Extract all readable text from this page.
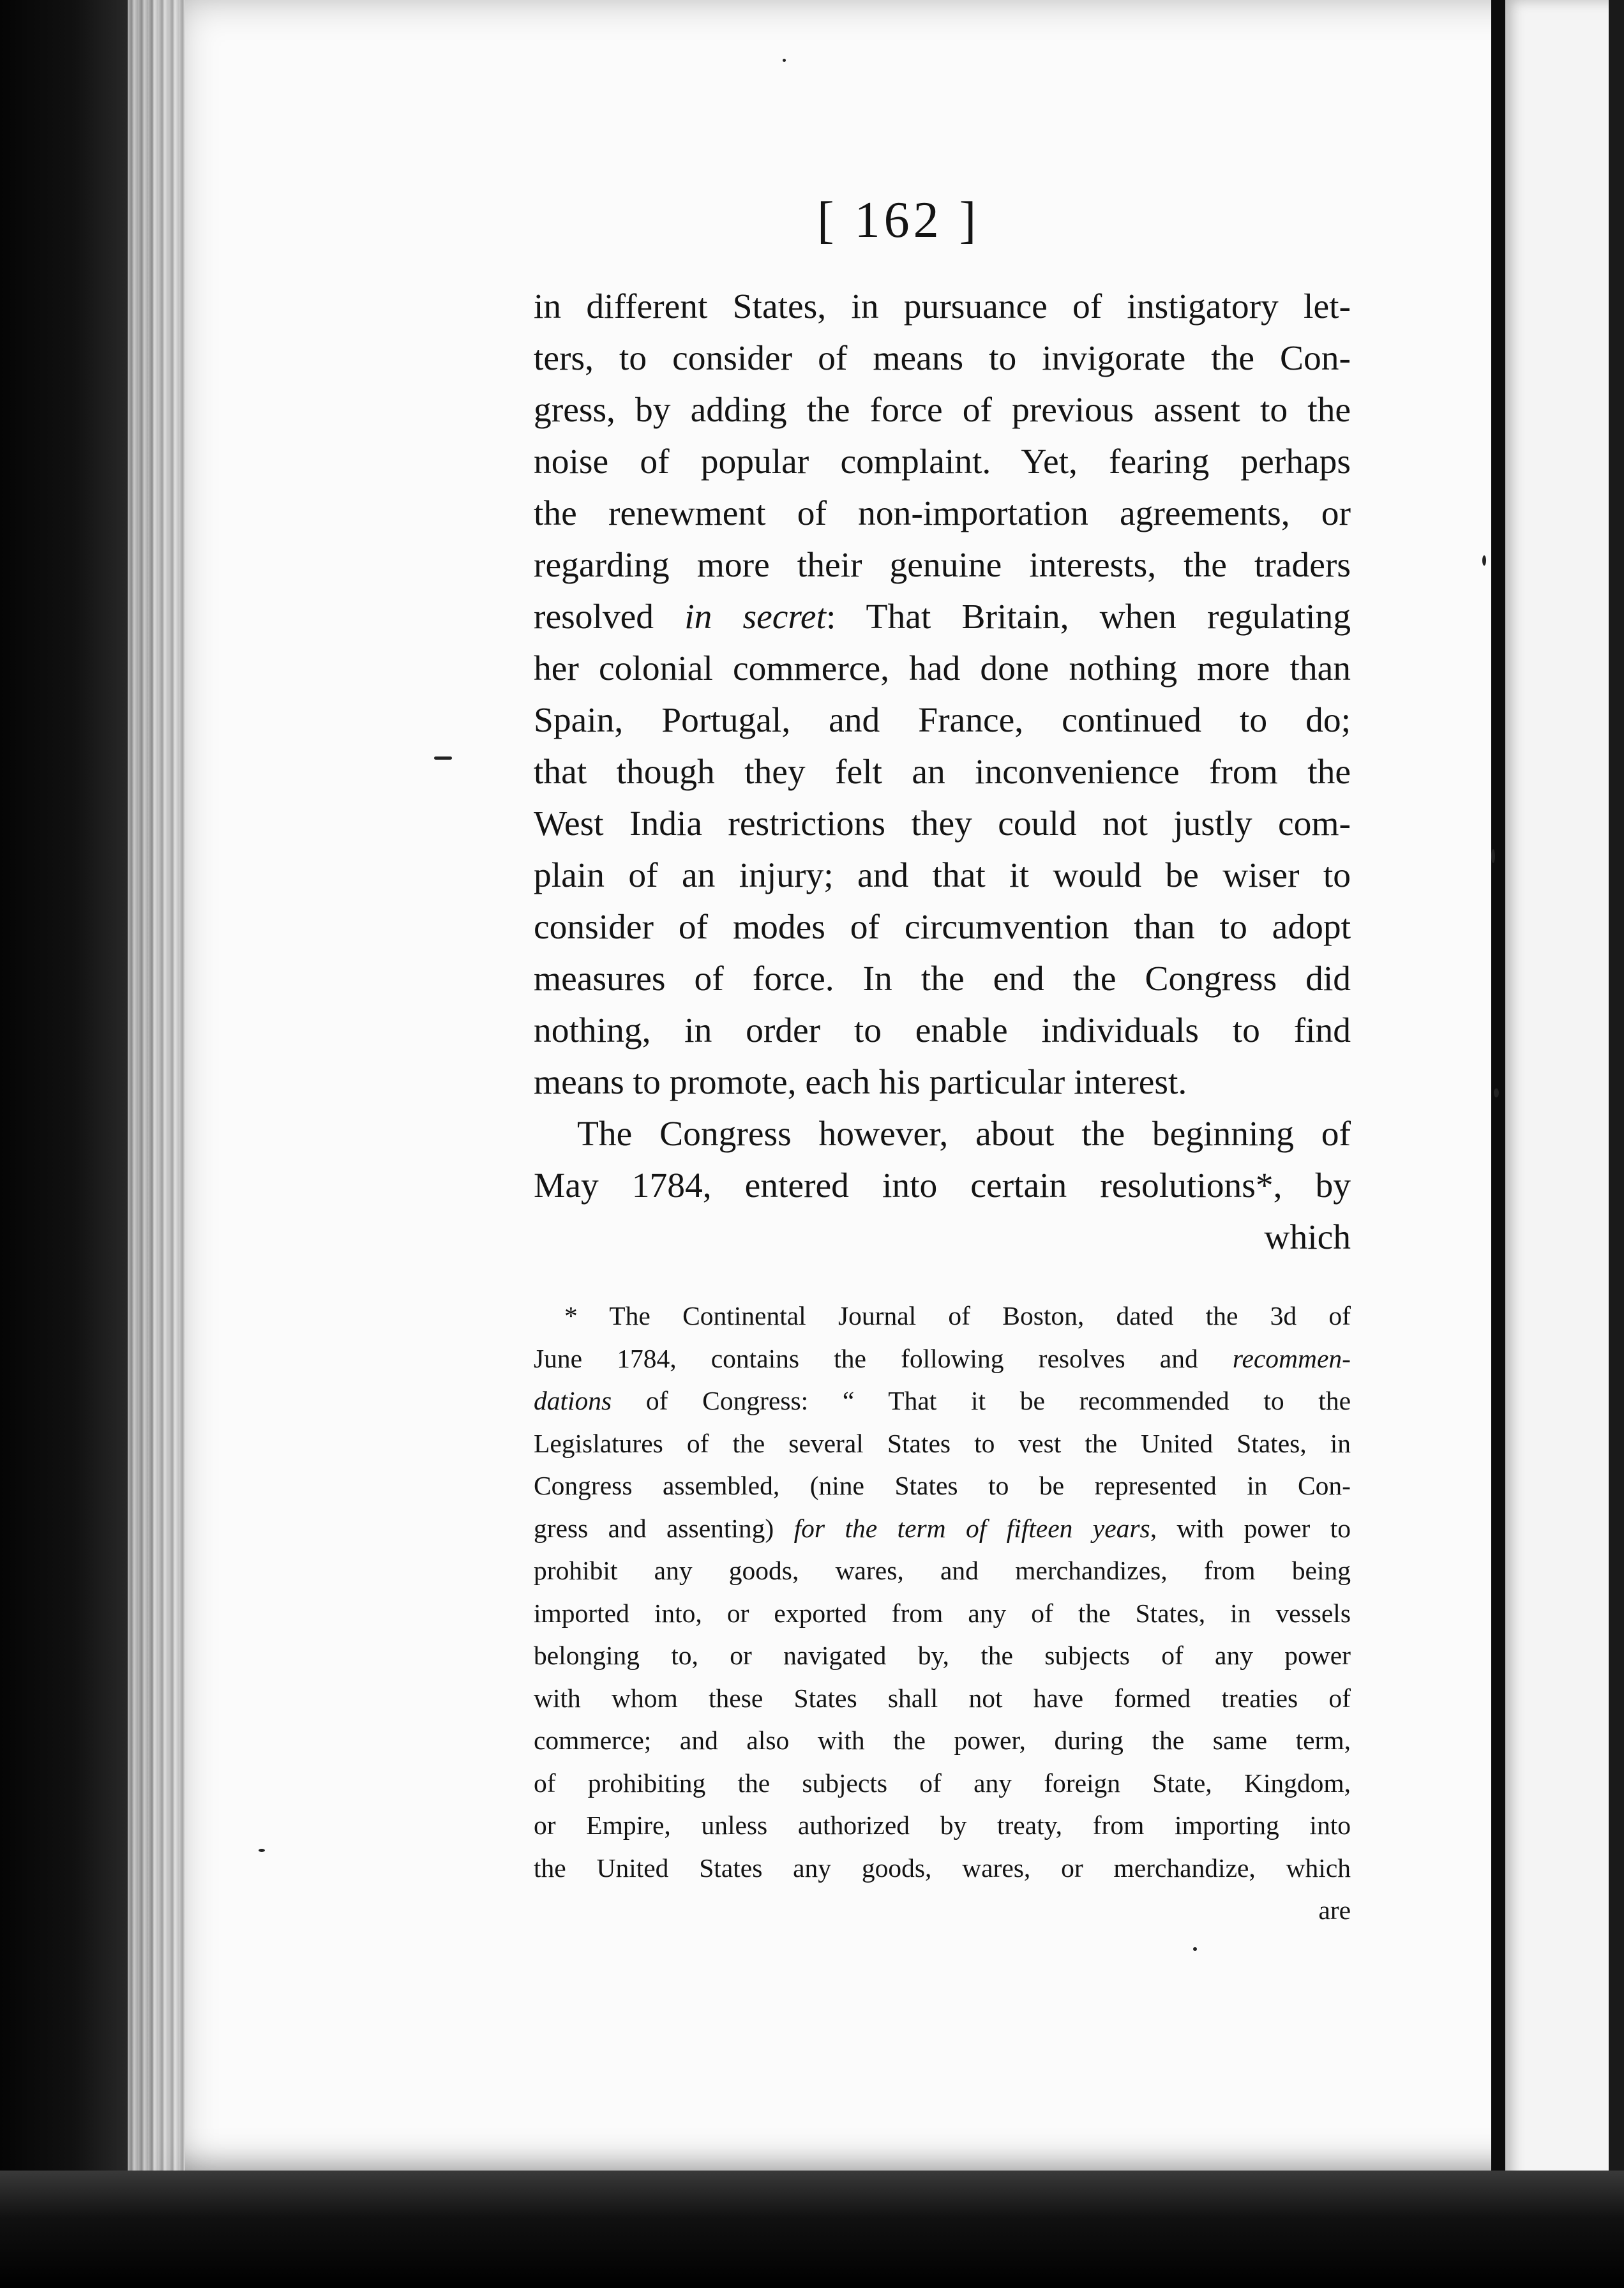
[ 162 ]
in different States, in pursuance of instigatory let-
ters, to consider of means to invigorate the Con-
gress, by adding the force of previous assent to the
noise of popular complaint. Yet, fearing perhaps
the renewment of non-importation agreements, or
regarding more their genuine interests, the traders
resolved in secret: That Britain, when regulating
her colonial commerce, had done nothing more than
Spain, Portugal, and France, continued to do;
that though they felt an inconvenience from the
West India restrictions they could not justly com-
plain of an injury; and that it would be wiser to
consider of modes of circumvention than to adopt
measures of force. In the end the Congress did
nothing, in order to enable individuals to find
means to promote, each his particular interest.
The Congress however, about the beginning of
May 1784, entered into certain resolutions*, by
which
* The Continental Journal of Boston, dated the 3d of
June 1784, contains the following resolves and recommen-
dations of Congress: “ That it be recommended to the
Legislatures of the several States to vest the United States, in
Congress assembled, (nine States to be represented in Con-
gress and assenting) for the term of fifteen years, with power to
prohibit any goods, wares, and merchandizes, from being
imported into, or exported from any of the States, in vessels
belonging to, or navigated by, the subjects of any power
with whom these States shall not have formed treaties of
commerce; and also with the power, during the same term,
of prohibiting the subjects of any foreign State, Kingdom,
or Empire, unless authorized by treaty, from importing into
the United States any goods, wares, or merchandize, which
are
